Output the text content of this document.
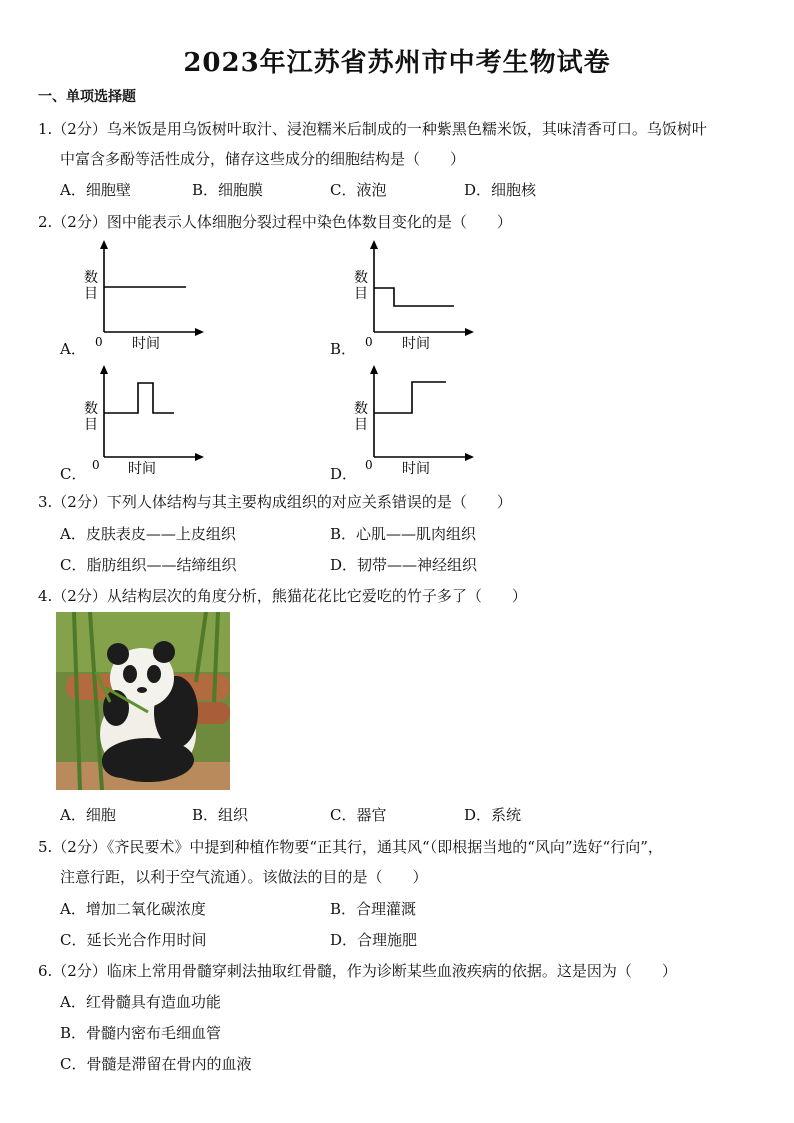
2023年江苏省苏州市中考生物试卷
一、单项选择题
1.（2分）乌米饭是用乌饭树叶取汁、浸泡糯米后制成的一种紫黑色糯米饭，其味清香可口。乌饭树叶
中富含多酚等活性成分，储存这些成分的细胞结构是（　　）
A．细胞壁	B．细胞膜	C．液泡	D．细胞核
2.（2分）图中能表示人体细胞分裂过程中染色体数目变化的是（　　）
A．	B．
C．	D．
数
目
0 时间
数
目
0 时间
数
目
0 时间
数
目
0 时间
3.（2分）下列人体结构与其主要构成组织的对应关系错误的是（　　）
A．皮肤表皮——上皮组织	B．心肌——肌肉组织
C．脂肪组织——结缔组织	D．韧带——神经组织
4.（2分）从结构层次的角度分析，熊猫花花比它爱吃的竹子多了（　　）
A．细胞	B．组织	C．器官	D．系统
5.（2分）《齐民要术》中提到种植作物要“正其行，通其风“（即根据当地的“风向”选好“行向”，
注意行距，以利于空气流通）。该做法的目的是（　　）
A．增加二氧化碳浓度	B．合理灌溉
C．延长光合作用时间	D．合理施肥
6.（2分）临床上常用骨髓穿刺法抽取红骨髓，作为诊断某些血液疾病的依据。这是因为（　　）
A．红骨髓具有造血功能
B．骨髓内密布毛细血管
C．骨髓是滞留在骨内的血液
